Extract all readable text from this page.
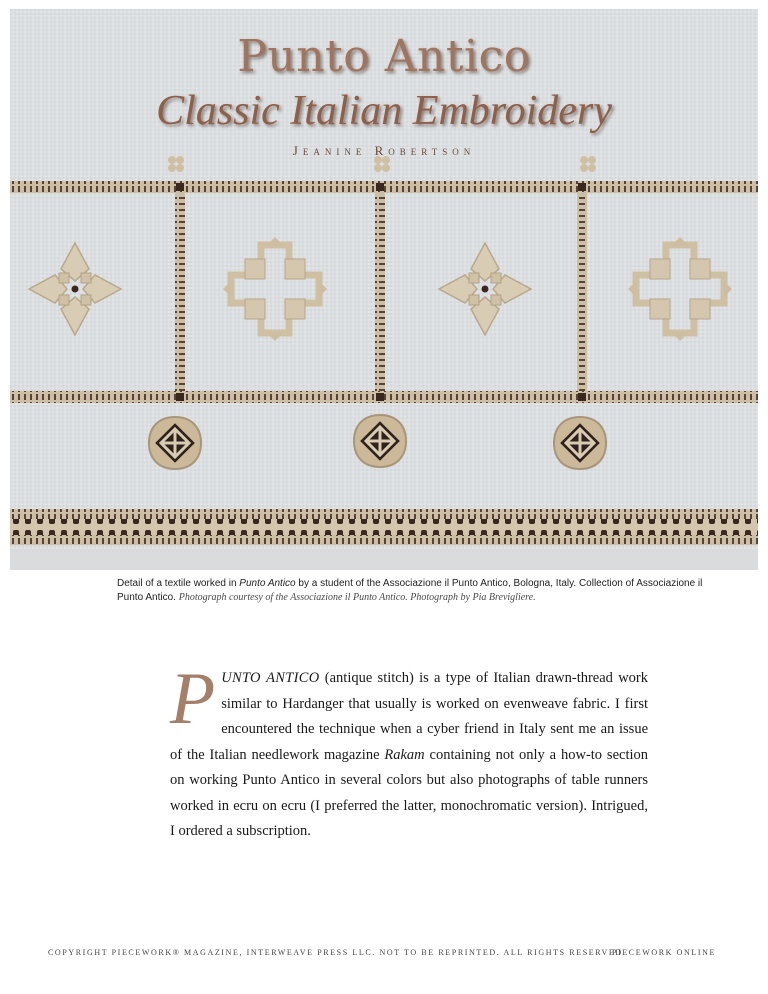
Punto Antico
Classic Italian Embroidery
Jeanine Robertson
Detail of a textile worked in Punto Antico by a student of the Associazione il Punto Antico, Bologna, Italy. Collection of Associazione il Punto Antico. Photograph courtesy of the Associazione il Punto Antico. Photograph by Pia Brevigliere.
PUNTO ANTICO (antique stitch) is a type of Italian drawn-thread work similar to Hardanger that usually is worked on evenweave fabric. I first encountered the technique when a cyber friend in Italy sent me an issue of the Italian needlework magazine Rakam containing not only a how-to section on working Punto Antico in several colors but also photographs of table runners worked in ecru on ecru (I preferred the latter, monochromatic version). Intrigued, I ordered a subscription.
COPYRIGHT PIECEWORK® MAGAZINE, INTERWEAVE PRESS LLC. NOT TO BE REPRINTED. ALL RIGHTS RESERVED.
PIECEWORK ONLINE
